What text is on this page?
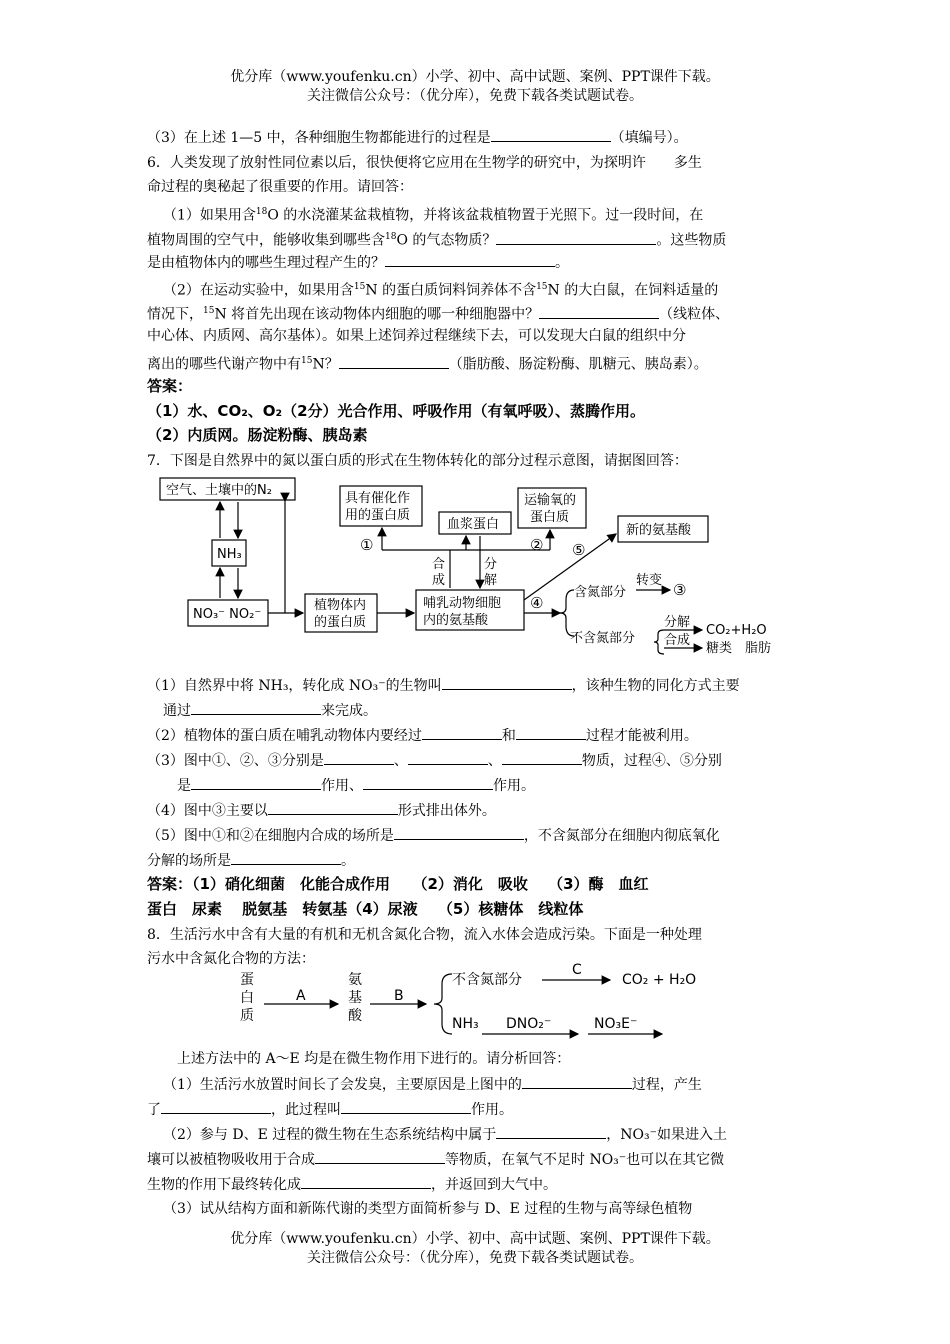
优分库（www.youfenku.cn）小学、初中、高中试题、案例、PPT课件下载。
关注微信公众号：（优分库），免费下载各类试题试卷。
（3）在上述 1—5 中，各种细胞生物都能进行的过程是	（填编号）。
6．人类发现了放射性同位素以后，很快便将它应用在生物学的研究中，为探明许　　多生
命过程的奥秘起了很重要的作用。请回答：
（1）如果用含$^{18}$O 的水浇灌某盆栽植物，并将该盆栽植物置于光照下。过一段时间，在
植物周围的空气中，能够收集到哪些含$^{18}$O 的气态物质？	。这些物质
是由植物体内的哪些生理过程产生的？	。
（2）在运动实验中，如果用含$^{15}$N 的蛋白质饲料饲养体不含$^{15}$N 的大白鼠，在饲料适量的
情况下，$^{15}$N 将首先出现在该动物体内细胞的哪一种细胞器中？	（线粒体、
中心体、内质网、高尔基体）。如果上述饲养过程继续下去，可以发现大白鼠的组织中分
离出的哪些代谢产物中有$^{15}$N？	（脂肪酸、肠淀粉酶、肌糖元、胰岛素）。
答案：
（1）水、CO₂、O₂（2分）光合作用、呼吸作用（有氧呼吸）、蒸腾作用。
（2）内质网。肠淀粉酶、胰岛素
7．下图是自然界中的氮以蛋白质的形式在生物体转化的部分过程示意图，请据图回答：
空气、土壤中的N₂
NH₃
NO₃⁻ NO₂⁻
植物体内
的蛋白质
哺乳动物细胞
内的氨基酸
具有催化作
用的蛋白质
血浆蛋白
运输氧的
蛋白质
新的氨基酸
①	②
③
④
⑤
合
成
分
解
含氮部分
转变
不含氮部分
分解
合成
CO₂+H₂O
糖类　脂肪
（1）自然界中将 NH₃，转化成 NO₃⁻的生物叫	，该种生物的同化方式主要
通过	来完成。
（2）植物体的蛋白质在哺乳动物体内要经过	和	过程才能被利用。
（3）图中①、②、③分别是	、	、	物质，过程④、⑤分别
是	作用、	作用。
（4）图中③主要以	形式排出体外。
（5）图中①和②在细胞内合成的场所是	，不含氮部分在细胞内彻底氧化
分解的场所是	。
答案：（1）硝化细菌　化能合成作用　　（2）消化　吸收　 （3）酶　血红
蛋白　尿素　 脱氨基　转氨基（4）尿液　 （5）核糖体　线粒体
8．生活污水中含有大量的有机和无机含氮化合物，流入水体会造成污染。下面是一种处理
污水中含氮化合物的方法：
蛋
白
质
A
氨
基
酸
B
不含氮部分
C
CO₂ + H₂O
NH₃ DNO₂⁻	NO₃E⁻
上述方法中的 A～E 均是在微生物作用下进行的。请分析回答：
（1）生活污水放置时间长了会发臭，主要原因是上图中的	过程，产生
了	，此过程叫	作用。
（2）参与 D、E 过程的微生物在生态系统结构中属于	，NO₃⁻如果进入土
壤可以被植物吸收用于合成	等物质，在氧气不足时 NO₃⁻也可以在其它微
生物的作用下最终转化成	，并返回到大气中。
（3）试从结构方面和新陈代谢的类型方面简析参与 D、E 过程的生物与高等绿色植物
优分库（www.youfenku.cn）小学、初中、高中试题、案例、PPT课件下载。
关注微信公众号：（优分库），免费下载各类试题试卷。
